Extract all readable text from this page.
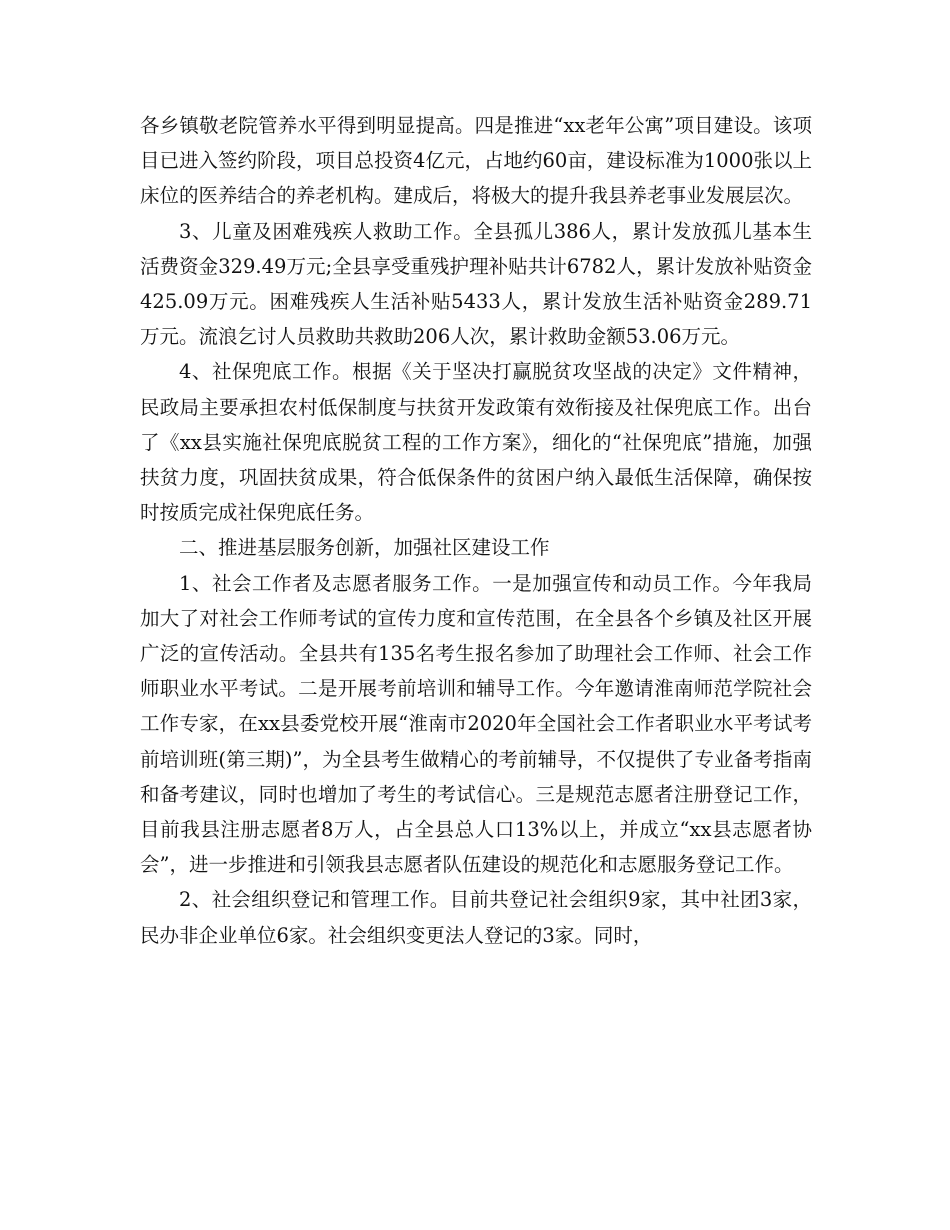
各乡镇敬老院管养水平得到明显提高。四是推进“xx老年公寓”项目建设。该项目已进入签约阶段，项目总投资4亿元，占地约60亩，建设标准为1000张以上床位的医养结合的养老机构。建成后，将极大的提升我县养老事业发展层次。

3、儿童及困难残疾人救助工作。全县孤儿386人，累计发放孤儿基本生活费资金329.49万元;全县享受重残护理补贴共计6782人，累计发放补贴资金425.09万元。困难残疾人生活补贴5433人，累计发放生活补贴资金289.71万元。流浪乞讨人员救助共救助206人次，累计救助金额53.06万元。

4、社保兜底工作。根据《关于坚决打赢脱贫攻坚战的决定》文件精神，民政局主要承担农村低保制度与扶贫开发政策有效衔接及社保兜底工作。出台了《xx县实施社保兜底脱贫工程的工作方案》，细化的“社保兜底”措施，加强扶贫力度，巩固扶贫成果，符合低保条件的贫困户纳入最低生活保障，确保按时按质完成社保兜底任务。

二、推进基层服务创新，加强社区建设工作

1、社会工作者及志愿者服务工作。一是加强宣传和动员工作。今年我局加大了对社会工作师考试的宣传力度和宣传范围，在全县各个乡镇及社区开展广泛的宣传活动。全县共有135名考生报名参加了助理社会工作师、社会工作师职业水平考试。二是开展考前培训和辅导工作。今年邀请淮南师范学院社会工作专家，在xx县委党校开展“淮南市2020年全国社会工作者职业水平考试考前培训班(第三期)”，为全县考生做精心的考前辅导，不仅提供了专业备考指南和备考建议，同时也增加了考生的考试信心。三是规范志愿者注册登记工作，目前我县注册志愿者8万人，占全县总人口13%以上，并成立“xx县志愿者协会”，进一步推进和引领我县志愿者队伍建设的规范化和志愿服务登记工作。

2、社会组织登记和管理工作。目前共登记社会组织9家，其中社团3家，民办非企业单位6家。社会组织变更法人登记的3家。同时，
